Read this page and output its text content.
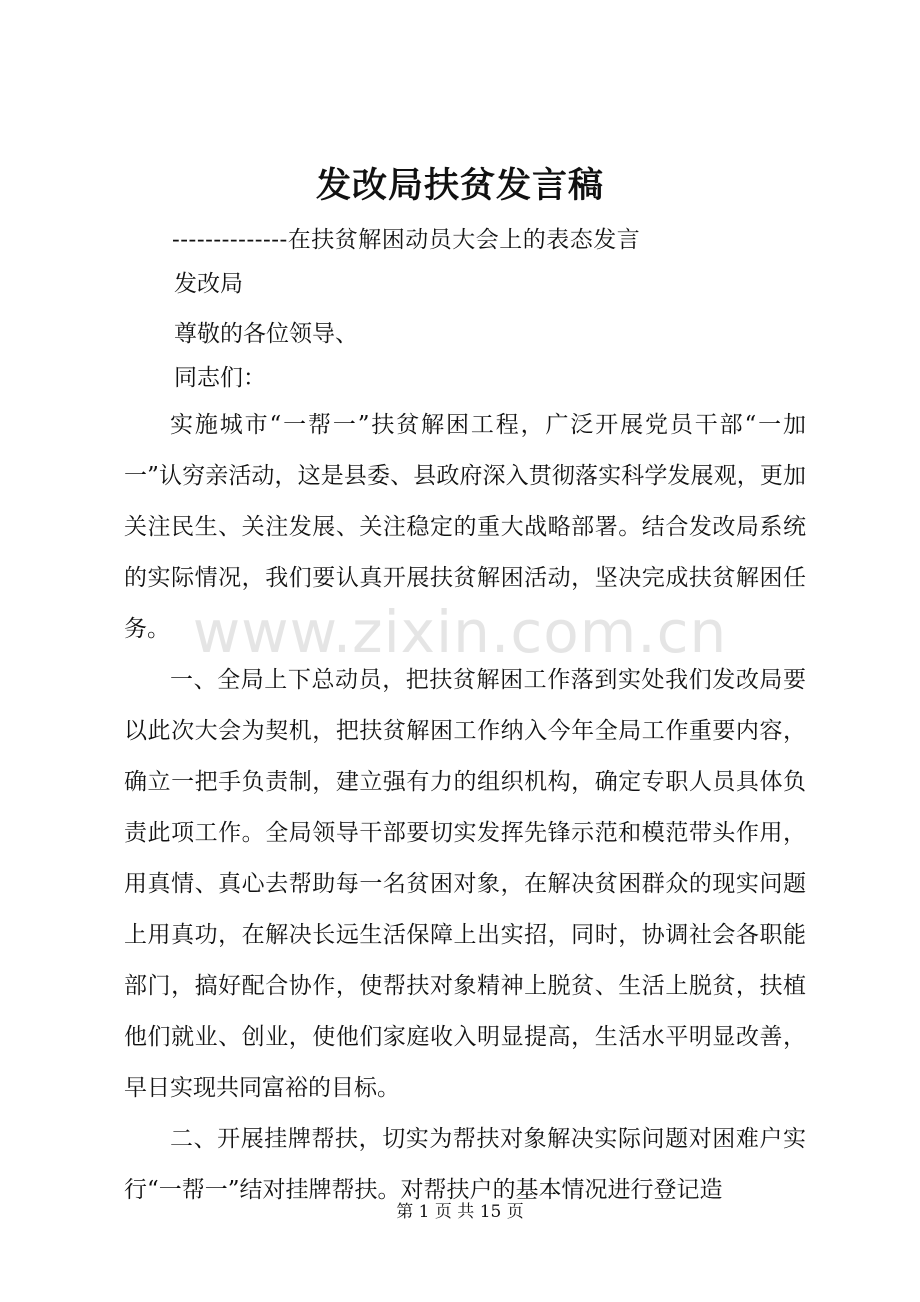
www.zixin.com.cn
发改局扶贫发言稿
--------------在扶贫解困动员大会上的表态发言
发改局
尊敬的各位领导、
同志们：

实施城市“一帮一”扶贫解困工程，广泛开展党员干部“一加一”认穷亲活动，这是县委、县政府深入贯彻落实科学发展观，更加关注民生、关注发展、关注稳定的重大战略部署。结合发改局系统的实际情况，我们要认真开展扶贫解困活动，坚决完成扶贫解困任务。

一、全局上下总动员，把扶贫解困工作落到实处我们发改局要以此次大会为契机，把扶贫解困工作纳入今年全局工作重要内容，确立一把手负责制，建立强有力的组织机构，确定专职人员具体负责此项工作。全局领导干部要切实发挥先锋示范和模范带头作用，用真情、真心去帮助每一名贫困对象，在解决贫困群众的现实问题上用真功，在解决长远生活保障上出实招，同时，协调社会各职能部门，搞好配合协作，使帮扶对象精神上脱贫、生活上脱贫，扶植他们就业、创业，使他们家庭收入明显提高，生活水平明显改善，早日实现共同富裕的目标。

二、开展挂牌帮扶，切实为帮扶对象解决实际问题对困难户实行“一帮一”结对挂牌帮扶。对帮扶户的基本情况进行登记造

第 1 页 共 15 页
